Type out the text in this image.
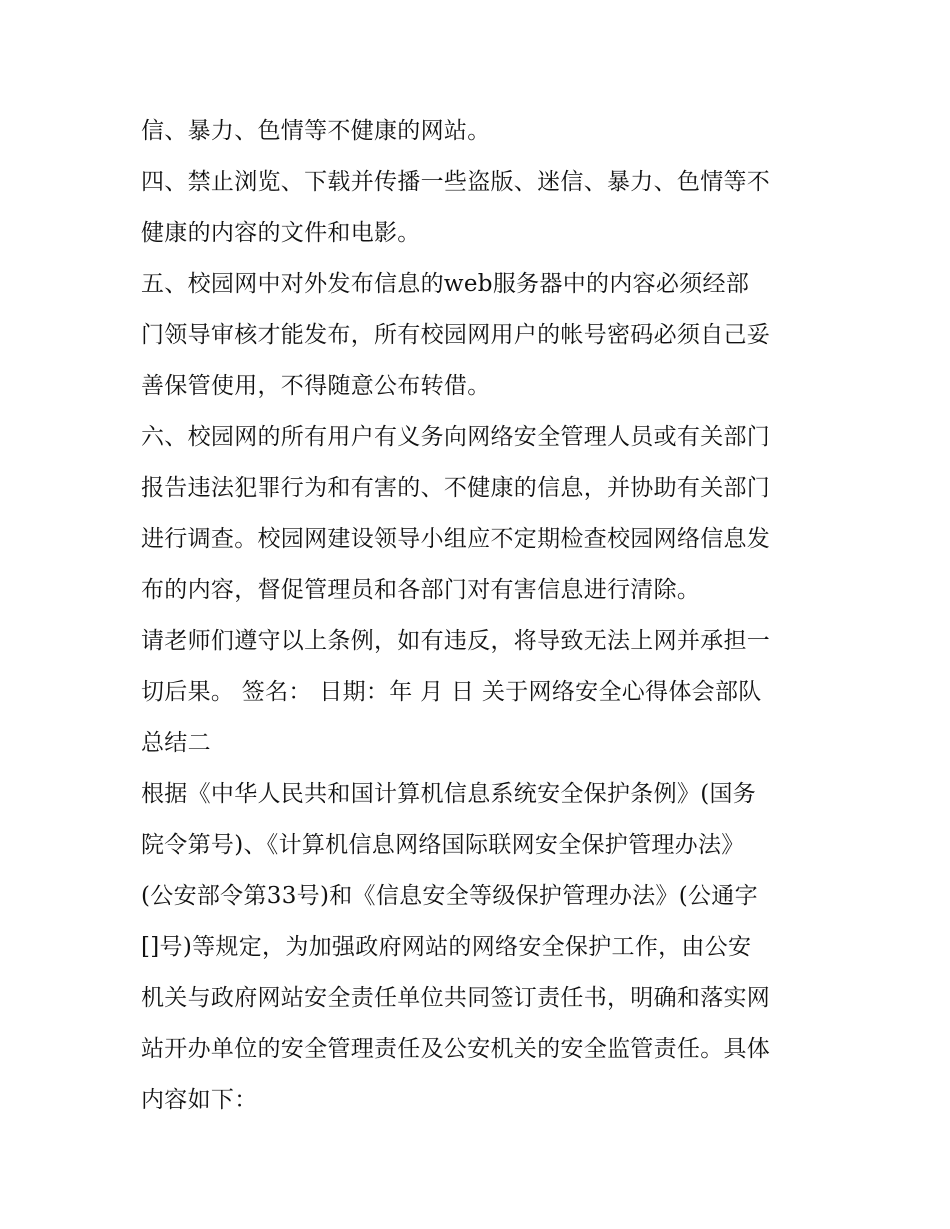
信、暴力、色情等不健康的网站。
四、禁止浏览、下载并传播一些盗版、迷信、暴力、色情等不
健康的内容的文件和电影。
五、校园网中对外发布信息的web服务器中的内容必须经部
门领导审核才能发布，所有校园网用户的帐号密码必须自己妥
善保管使用，不得随意公布转借。
六、校园网的所有用户有义务向网络安全管理人员或有关部门
报告违法犯罪行为和有害的、不健康的信息，并协助有关部门
进行调查。校园网建设领导小组应不定期检查校园网络信息发
布的内容，督促管理员和各部门对有害信息进行清除。
请老师们遵守以上条例，如有违反，将导致无法上网并承担一
切后果。 签名： 日期：年 月 日 关于网络安全心得体会部队
总结二
根据《中华人民共和国计算机信息系统安全保护条例》(国务
院令第号)、《计算机信息网络国际联网安全保护管理办法》
(公安部令第33号)和《信息安全等级保护管理办法》(公通字
[]号)等规定，为加强政府网站的网络安全保护工作，由公安
机关与政府网站安全责任单位共同签订责任书，明确和落实网
站开办单位的安全管理责任及公安机关的安全监管责任。具体
内容如下：
